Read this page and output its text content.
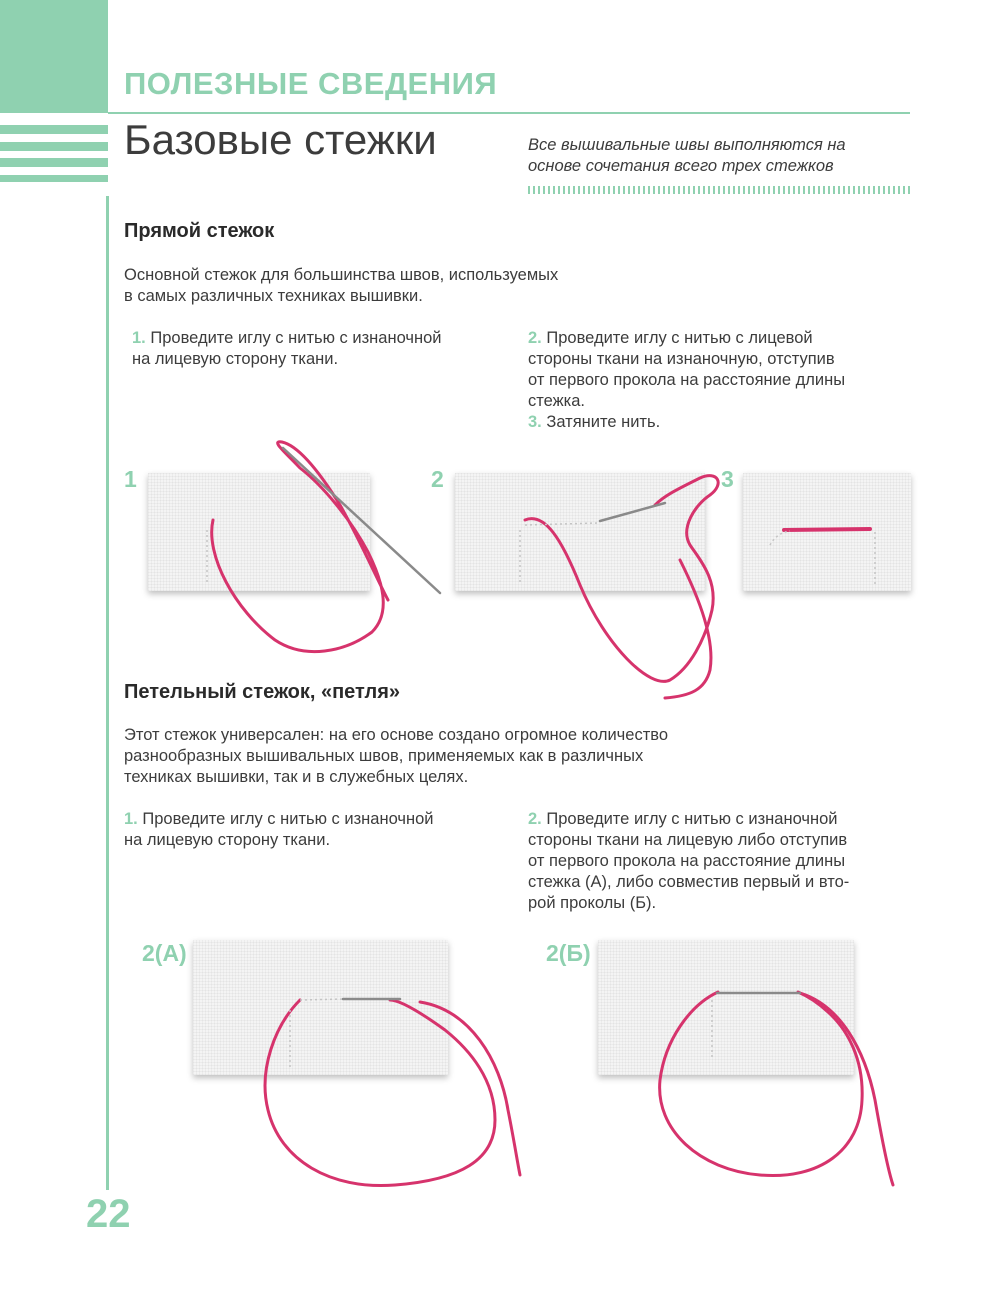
ПОЛЕЗНЫЕ СВЕДЕНИЯ
Базовые стежки	Все вышивальные швы выполняются на
основе сочетания всего трех стежков
Прямой стежок
Основной стежок для большинства швов, используемых
в самых различных техниках вышивки.
1. Проведите иглу с нитью с изнаночной
на лицевую сторону ткани.
2. Проведите иглу с нитью с лицевой
стороны ткани на изнаночную, отступив
от первого прокола на расстояние длины
стежка.
3. Затяните нить.
1	2	3
Петельный стежок, «петля»
Этот стежок универсален: на его основе создано огромное количество
разнообразных вышивальных швов, применяемых как в различных
техниках вышивки, так и в служебных целях.
1. Проведите иглу с нитью с изнаночной
на лицевую сторону ткани.
2. Проведите иглу с нитью с изнаночной
стороны ткани на лицевую либо отступив
от первого прокола на расстояние длины
стежка (А), либо совместив первый и вто-
рой проколы (Б).
2(А)	2(Б)
22
